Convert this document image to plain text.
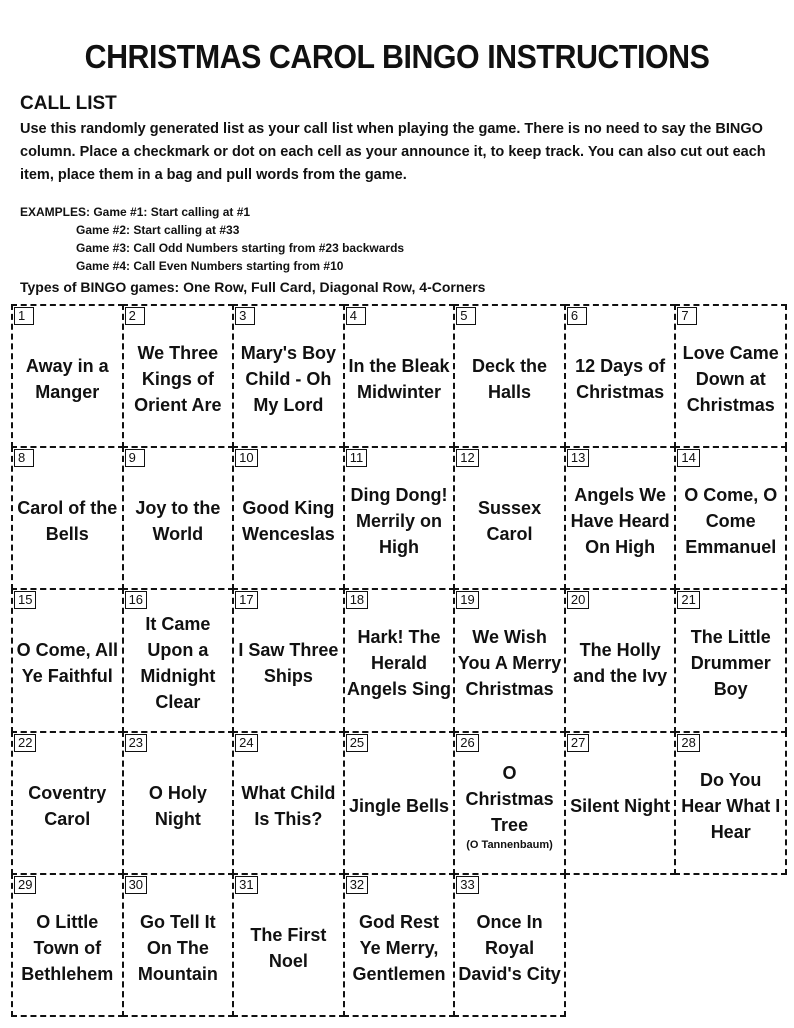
CHRISTMAS CAROL BINGO INSTRUCTIONS
CALL LIST
Use this randomly generated list as your call list when playing the game. There is no need to say the BINGO column. Place a checkmark or dot on each cell as your announce it, to keep track. You can also cut out each item, place them in a bag and pull words from the game.
EXAMPLES: Game #1: Start calling at #1
Game #2: Start calling at #33
Game #3: Call Odd Numbers starting from #23 backwards
Game #4: Call Even Numbers starting from #10
Types of BINGO games: One Row, Full Card, Diagonal Row, 4-Corners
1
Away in a Manger
2
We Three Kings of Orient Are
3
Mary's Boy Child - Oh My Lord
4
In the Bleak Midwinter
5
Deck the Halls
6
12 Days of Christmas
7
Love Came Down at Christmas
8
Carol of the Bells
9
Joy to the World
10
Good King Wenceslas
11
Ding Dong! Merrily on High
12
Sussex Carol
13
Angels We Have Heard On High
14
O Come, O Come Emmanuel
15
O Come, All Ye Faithful
16
It Came Upon a Midnight Clear
17
I Saw Three Ships
18
Hark! The Herald Angels Sing
19
We Wish You A Merry Christmas
20
The Holly and the Ivy
21
The Little Drummer Boy
22
Coventry Carol
23
O Holy Night
24
What Child Is This?
25
Jingle Bells
26
O Christmas Tree
(O Tannenbaum)
27
Silent Night
28
Do You Hear What I Hear
29
O Little Town of Bethlehem
30
Go Tell It On The Mountain
31
The First Noel
32
God Rest Ye Merry, Gentlemen
33
Once In Royal David's City
